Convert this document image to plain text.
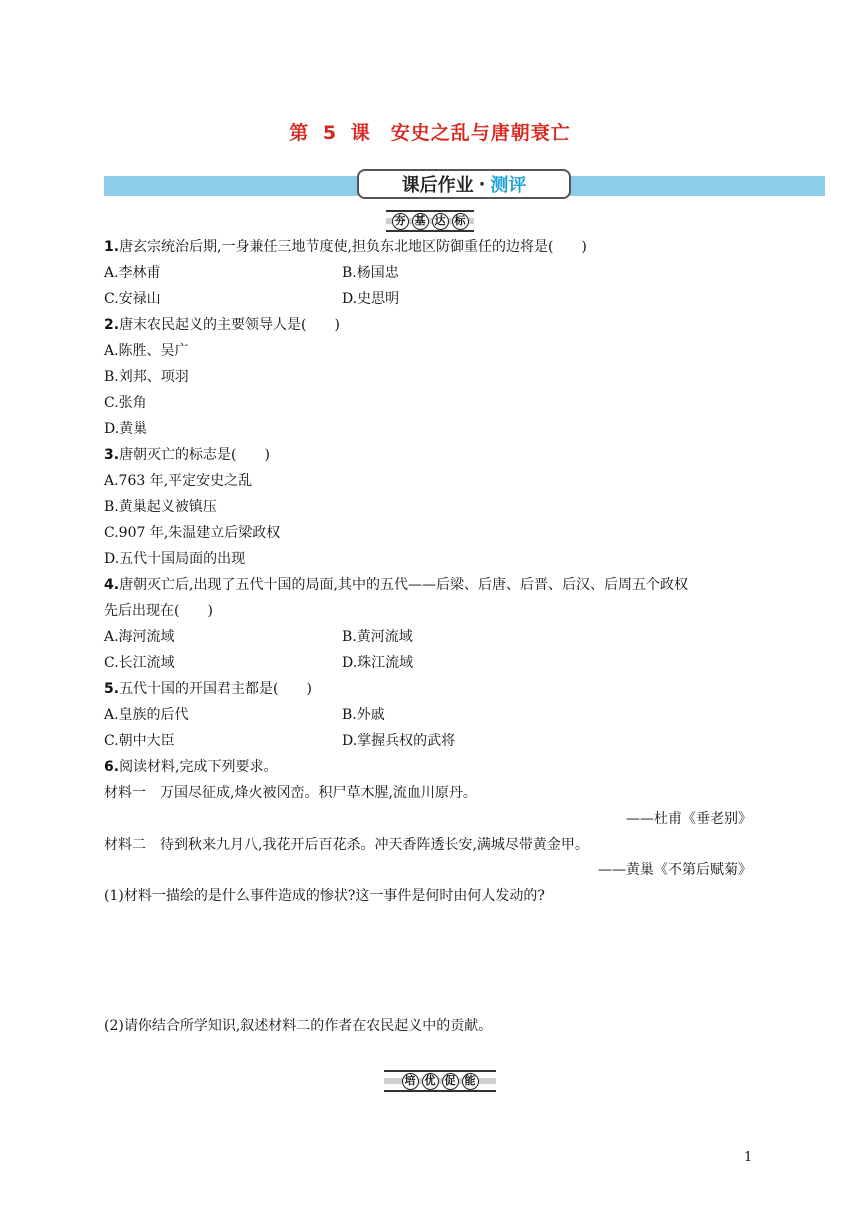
第 5 课　安史之乱与唐朝衰亡
课后作业 · 测评
夯 基 达 标
1.唐玄宗统治后期,一身兼任三地节度使,担负东北地区防御重任的边将是(　　)
A.李林甫	B.杨国忠
C.安禄山	D.史思明
2.唐末农民起义的主要领导人是(　　)
A.陈胜、吴广
B.刘邦、项羽
C.张角
D.黄巢
3.唐朝灭亡的标志是(　　)
A.763 年,平定安史之乱
B.黄巢起义被镇压
C.907 年,朱温建立后梁政权
D.五代十国局面的出现
4.唐朝灭亡后,出现了五代十国的局面,其中的五代——后梁、后唐、后晋、后汉、后周五个政权
先后出现在(　　)
A.海河流域	B.黄河流域
C.长江流域	D.珠江流域
5.五代十国的开国君主都是(　　)
A.皇族的后代	B.外戚
C.朝中大臣	D.掌握兵权的武将
6.阅读材料,完成下列要求。
材料一　万国尽征成,烽火被冈峦。积尸草木腥,流血川原丹。
——杜甫《垂老别》
材料二　待到秋来九月八,我花开后百花杀。冲天香阵透长安,满城尽带黄金甲。
——黄巢《不第后赋菊》
(1)材料一描绘的是什么事件造成的惨状?这一事件是何时由何人发动的?
(2)请你结合所学知识,叙述材料二的作者在农民起义中的贡献。
培 优 促 能
1
